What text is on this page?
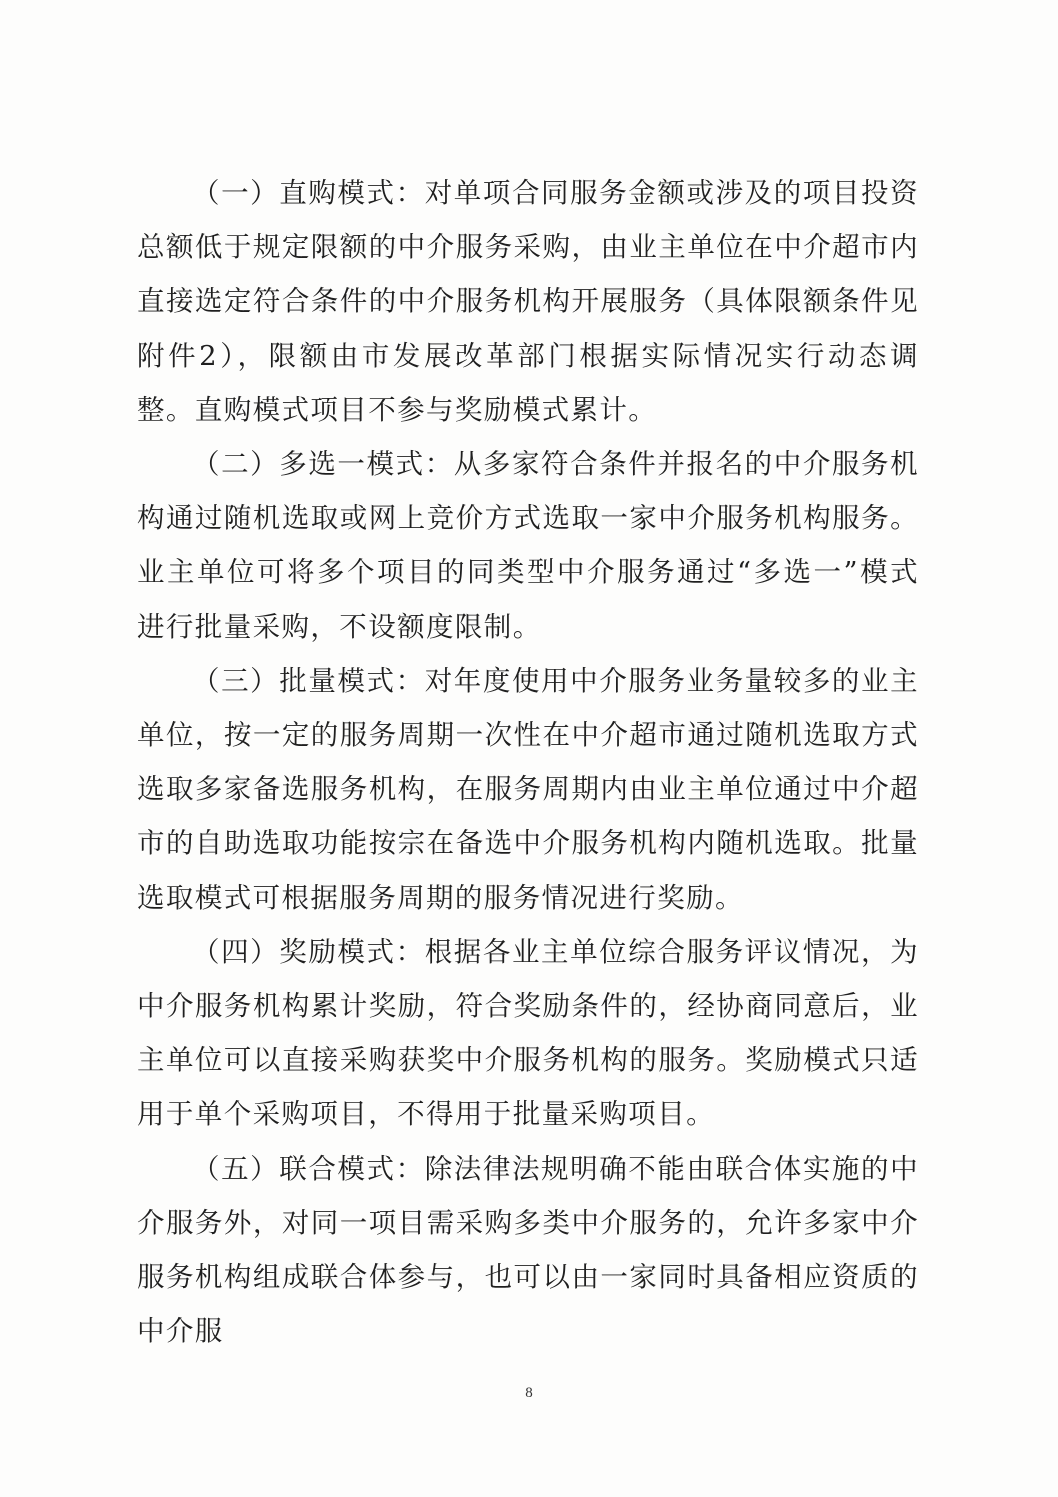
（一）直购模式：对单项合同服务金额或涉及的项目投资总额低于规定限额的中介服务采购，由业主单位在中介超市内直接选定符合条件的中介服务机构开展服务（具体限额条件见附件2），限额由市发展改革部门根据实际情况实行动态调整。直购模式项目不参与奖励模式累计。

（二）多选一模式：从多家符合条件并报名的中介服务机构通过随机选取或网上竞价方式选取一家中介服务机构服务。业主单位可将多个项目的同类型中介服务通过“多选一”模式进行批量采购，不设额度限制。

（三）批量模式：对年度使用中介服务业务量较多的业主单位，按一定的服务周期一次性在中介超市通过随机选取方式选取多家备选服务机构，在服务周期内由业主单位通过中介超市的自助选取功能按宗在备选中介服务机构内随机选取。批量选取模式可根据服务周期的服务情况进行奖励。

（四）奖励模式：根据各业主单位综合服务评议情况，为中介服务机构累计奖励，符合奖励条件的，经协商同意后，业主单位可以直接采购获奖中介服务机构的服务。奖励模式只适用于单个采购项目，不得用于批量采购项目。

（五）联合模式：除法律法规明确不能由联合体实施的中介服务外，对同一项目需采购多类中介服务的，允许多家中介服务机构组成联合体参与，也可以由一家同时具备相应资质的中介服

8
